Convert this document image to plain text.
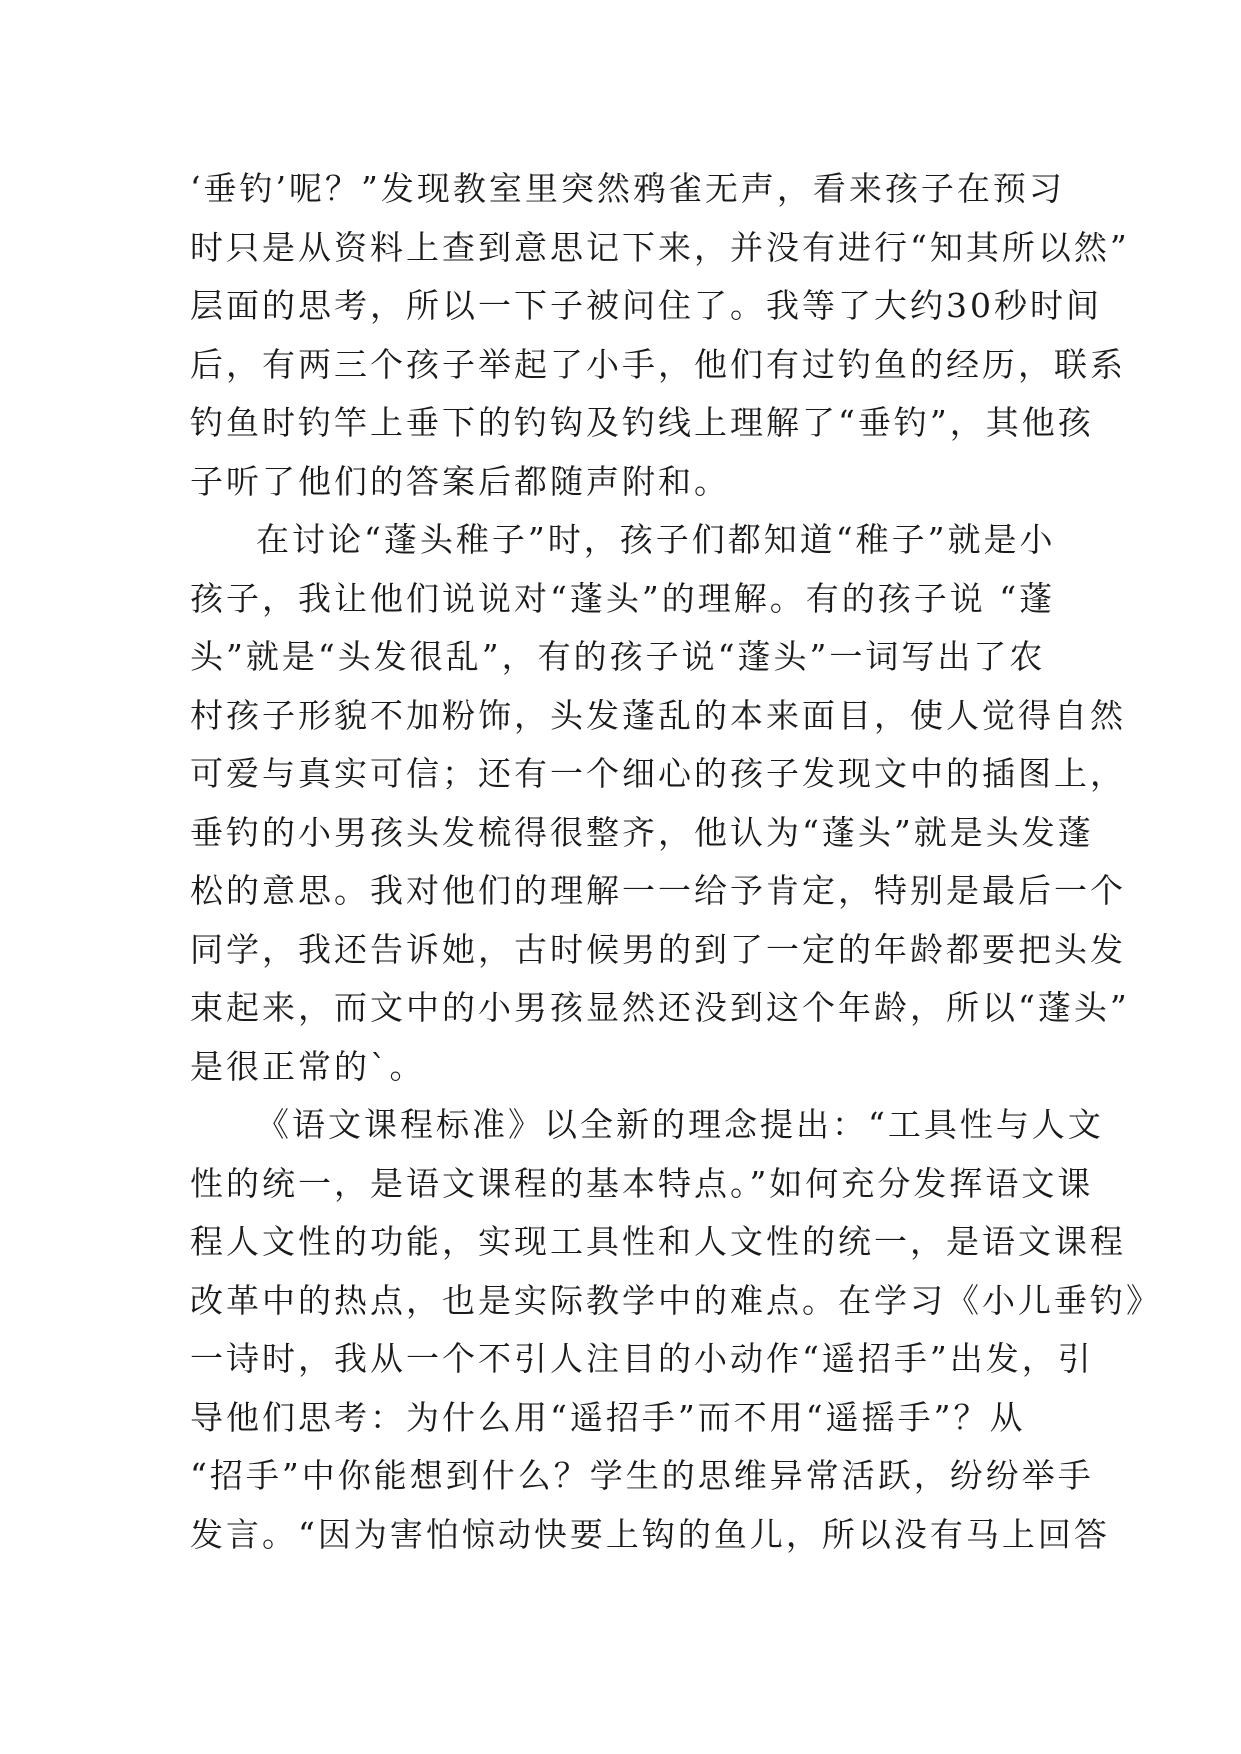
‘垂钓’呢？”发现教室里突然鸦雀无声，看来孩子在预习
时只是从资料上查到意思记下来，并没有进行“知其所以然”
层面的思考，所以一下子被问住了。我等了大约30秒时间
后，有两三个孩子举起了小手，他们有过钓鱼的经历，联系
钓鱼时钓竿上垂下的钓钩及钓线上理解了“垂钓”，其他孩
子听了他们的答案后都随声附和。
在讨论“蓬头稚子”时，孩子们都知道“稚子”就是小
孩子，我让他们说说对“蓬头”的理解。有的孩子说 “蓬
头”就是“头发很乱”，有的孩子说“蓬头”一词写出了农
村孩子形貌不加粉饰，头发蓬乱的本来面目，使人觉得自然
可爱与真实可信；还有一个细心的孩子发现文中的插图上，
垂钓的小男孩头发梳得很整齐，他认为“蓬头”就是头发蓬
松的意思。我对他们的理解一一给予肯定，特别是最后一个
同学，我还告诉她，古时候男的到了一定的年龄都要把头发
束起来，而文中的小男孩显然还没到这个年龄，所以“蓬头”
是很正常的`。
《语文课程标准》以全新的理念提出：“工具性与人文
性的统一，是语文课程的基本特点。”如何充分发挥语文课
程人文性的功能，实现工具性和人文性的统一，是语文课程
改革中的热点，也是实际教学中的难点。在学习《小儿垂钓》
一诗时，我从一个不引人注目的小动作“遥招手”出发，引
导他们思考：为什么用“遥招手”而不用“遥摇手”？从
“招手”中你能想到什么？学生的思维异常活跃，纷纷举手
发言。“因为害怕惊动快要上钩的鱼儿，所以没有马上回答
